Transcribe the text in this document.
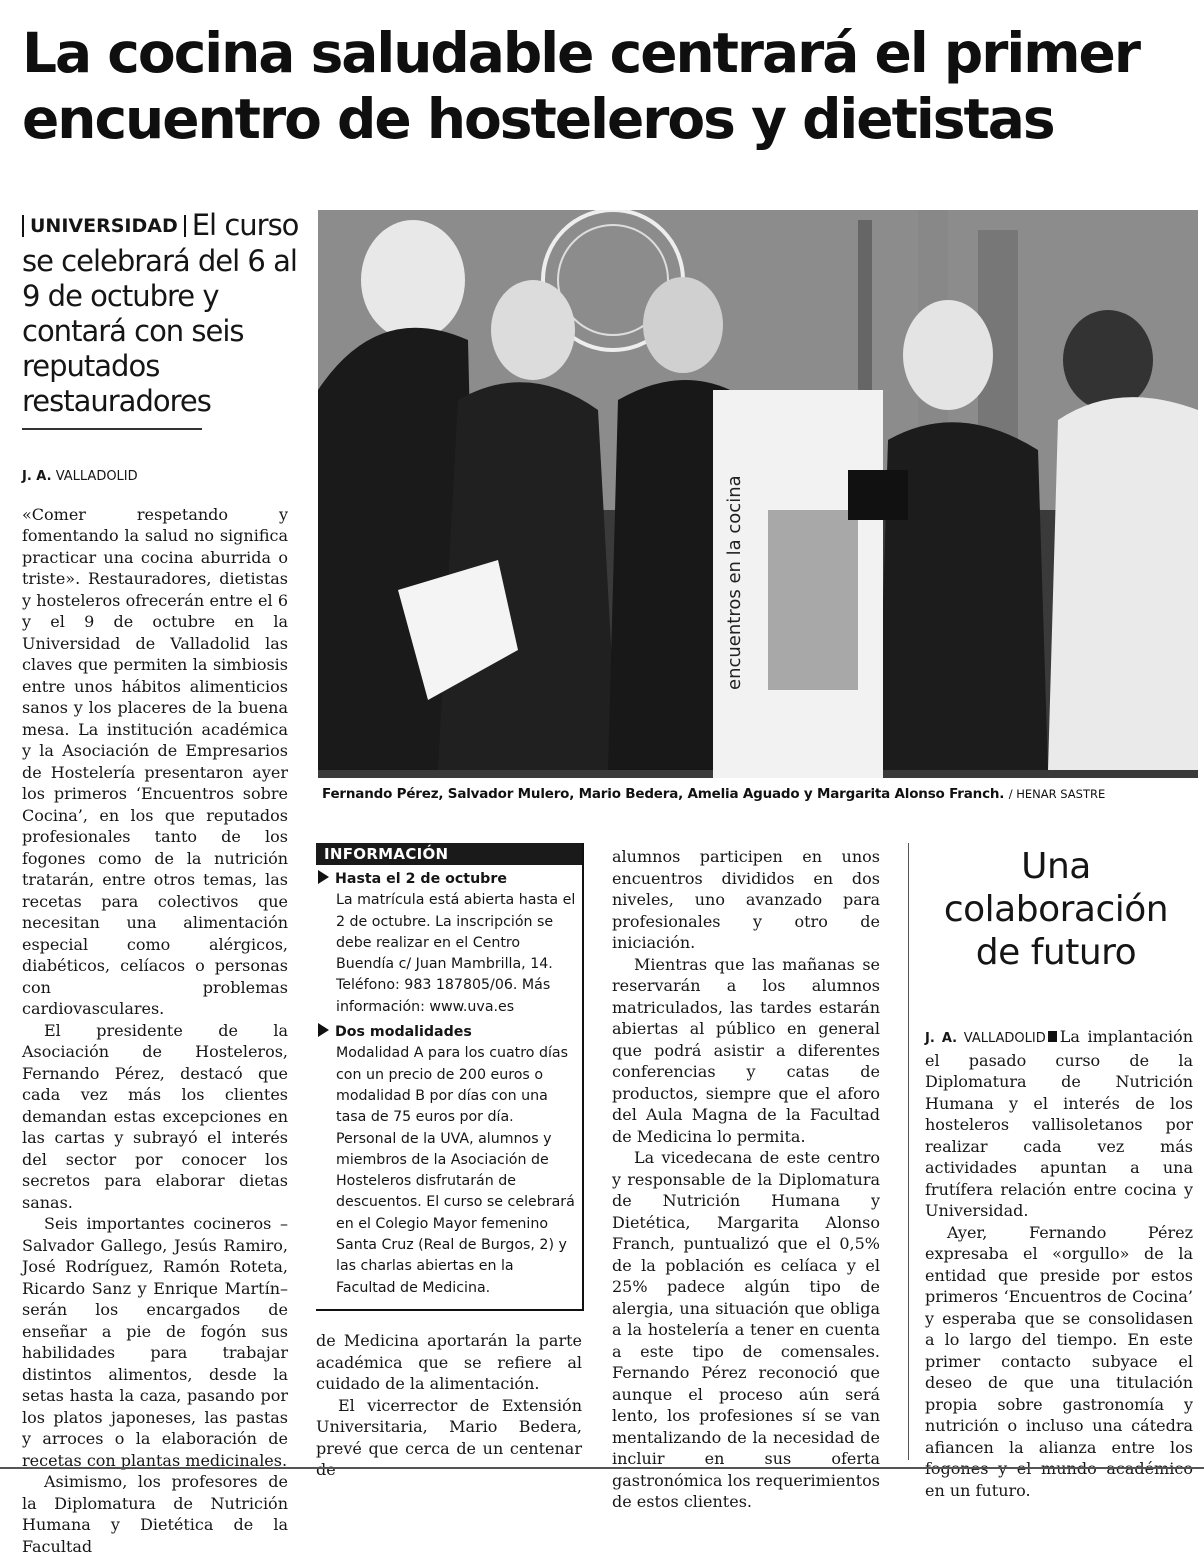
La cocina saludable centrará el primer
encuentro de hosteleros y dietistas
UNIVERSIDAD El curso se celebrará del 6 al 9 de octubre y contará con seis reputados restauradores

J. A. VALLADOLID

«Comer respetando y fomentando la salud no significa practicar una cocina aburrida o triste». Restauradores, dietistas y hosteleros ofrecerán entre el 6 y el 9 de octubre en la Universidad de Valladolid las claves que permiten la simbiosis entre unos hábitos alimenticios sanos y los placeres de la buena mesa. La institución académica y la Asociación de Empresarios de Hostelería presentaron ayer los primeros ‘Encuentros sobre Cocina’, en los que reputados profesionales tanto de los fogones como de la nutrición tratarán, entre otros temas, las recetas para colectivos que necesitan una alimentación especial como alérgicos, diabéticos, celíacos o personas con problemas cardiovasculares.

El presidente de la Asociación de Hosteleros, Fernando Pérez, destacó que cada vez más los clientes demandan estas excepciones en las cartas y subrayó el interés del sector por conocer los secretos para elaborar dietas sanas.

Seis importantes cocineros –Salvador Gallego, Jesús Ramiro, José Rodríguez, Ramón Roteta, Ricardo Sanz y Enrique Martín– serán los encargados de enseñar a pie de fogón sus habilidades para trabajar distintos alimentos, desde la setas hasta la caza, pasando por los platos japoneses, las pastas y arroces o la elaboración de recetas con plantas medicinales.

Asimismo, los profesores de la Diplomatura de Nutrición Humana y Dietética de la Facultad

encuentros en la cocina
Fernando Pérez, Salvador Mulero, Mario Bedera, Amelia Aguado y Margarita Alonso Franch. / HENAR SASTRE
INFORMACIÓN
Hasta el 2 de octubre
La matrícula está abierta hasta el 2 de octubre. La inscripción se debe realizar en el Centro Buendía c/ Juan Mambrilla, 14. Teléfono: 983 187805/06. Más información: www.uva.es
Dos modalidades
Modalidad A para los cuatro días con un precio de 200 euros o modalidad B por días con una tasa de 75 euros por día. Personal de la UVA, alumnos y miembros de la Asociación de Hosteleros disfrutarán de descuentos. El curso se celebrará en el Colegio Mayor femenino Santa Cruz (Real de Burgos, 2) y las charlas abiertas en la Facultad de Medicina.

de Medicina aportarán la parte académica que se refiere al cuidado de la alimentación.

El vicerrector de Extensión Universitaria, Mario Bedera, prevé que cerca de un centenar de

alumnos participen en unos encuentros divididos en dos niveles, uno avanzado para profesionales y otro de iniciación.

Mientras que las mañanas se reservarán a los alumnos matriculados, las tardes estarán abiertas al público en general que podrá asistir a diferentes conferencias y catas de productos, siempre que el aforo del Aula Magna de la Facultad de Medicina lo permita.

La vicedecana de este centro y responsable de la Diplomatura de Nutrición Humana y Dietética, Margarita Alonso Franch, puntualizó que el 0,5% de la población es celíaca y el 25% padece algún tipo de alergia, una situación que obliga a la hostelería a tener en cuenta a este tipo de comensales. Fernando Pérez reconoció que aunque el proceso aún será lento, los profesiones sí se van mentalizando de la necesidad de incluir en sus oferta gastronómica los requerimientos de estos clientes.

Una colaboración de futuro

J. A. VALLADOLID La implantación el pasado curso de la Diplomatura de Nutrición Humana y el interés de los hosteleros vallisoletanos por realizar cada vez más actividades apuntan a una frutífera relación entre cocina y Universidad.

Ayer, Fernando Pérez expresaba el «orgullo» de la entidad que preside por estos primeros ‘Encuentros de Cocina’ y esperaba que se consolidasen a lo largo del tiempo. En este primer contacto subyace el deseo de que una titulación propia sobre gastronomía y nutrición o incluso una cátedra afiancen la alianza entre los fogones y el mundo académico en un futuro.
